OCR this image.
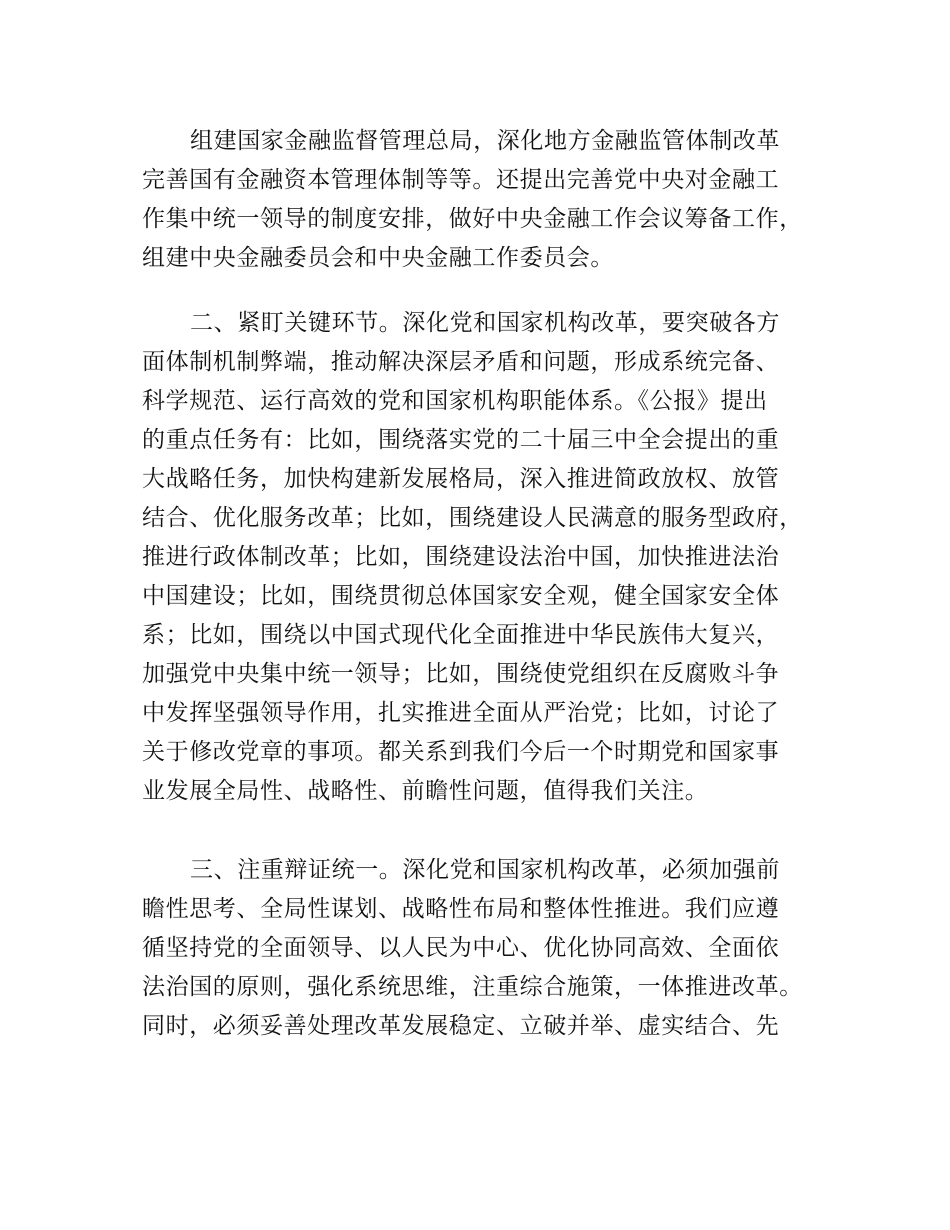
组建国家金融监督管理总局，深化地方金融监管体制改革
完善国有金融资本管理体制等等。还提出完善党中央对金融工
作集中统一领导的制度安排，做好中央金融工作会议筹备工作，
组建中央金融委员会和中央金融工作委员会。
二、紧盯关键环节。深化党和国家机构改革，要突破各方
面体制机制弊端，推动解决深层矛盾和问题，形成系统完备、
科学规范、运行高效的党和国家机构职能体系。《公报》提出
的重点任务有：比如，围绕落实党的二十届三中全会提出的重
大战略任务，加快构建新发展格局，深入推进简政放权、放管
结合、优化服务改革；比如，围绕建设人民满意的服务型政府，
推进行政体制改革；比如，围绕建设法治中国，加快推进法治
中国建设；比如，围绕贯彻总体国家安全观，健全国家安全体
系；比如，围绕以中国式现代化全面推进中华民族伟大复兴，
加强党中央集中统一领导；比如，围绕使党组织在反腐败斗争
中发挥坚强领导作用，扎实推进全面从严治党；比如，讨论了
关于修改党章的事项。都关系到我们今后一个时期党和国家事
业发展全局性、战略性、前瞻性问题，值得我们关注。
三、注重辩证统一。深化党和国家机构改革，必须加强前
瞻性思考、全局性谋划、战略性布局和整体性推进。我们应遵
循坚持党的全面领导、以人民为中心、优化协同高效、全面依
法治国的原则，强化系统思维，注重综合施策，一体推进改革。
同时，必须妥善处理改革发展稳定、立破并举、虚实结合、先
